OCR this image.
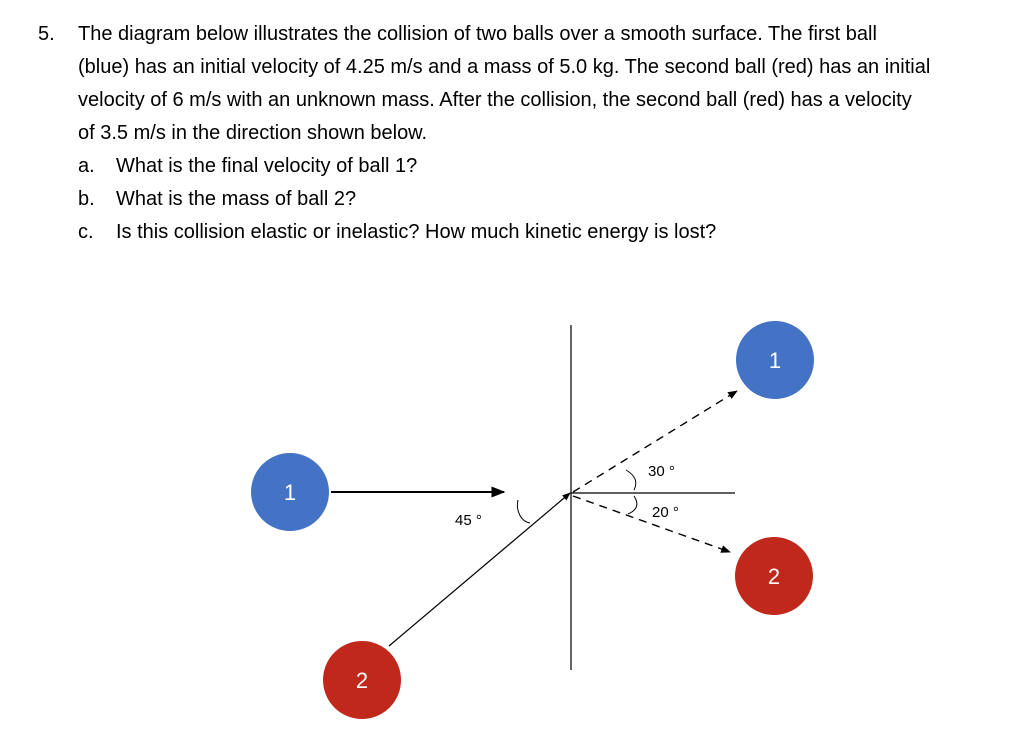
5. The diagram below illustrates the collision of two balls over a smooth surface. The first ball
(blue) has an initial velocity of 4.25 m/s and a mass of 5.0 kg. The second ball (red) has an initial
velocity of 6 m/s with an unknown mass. After the collision, the second ball (red) has a velocity
of 3.5 m/s in the direction shown below.
a. What is the final velocity of ball 1?
b. What is the mass of ball 2?
c. Is this collision elastic or inelastic? How much kinetic energy is lost?
45 °
30 °
20 °
1
2
1
2
